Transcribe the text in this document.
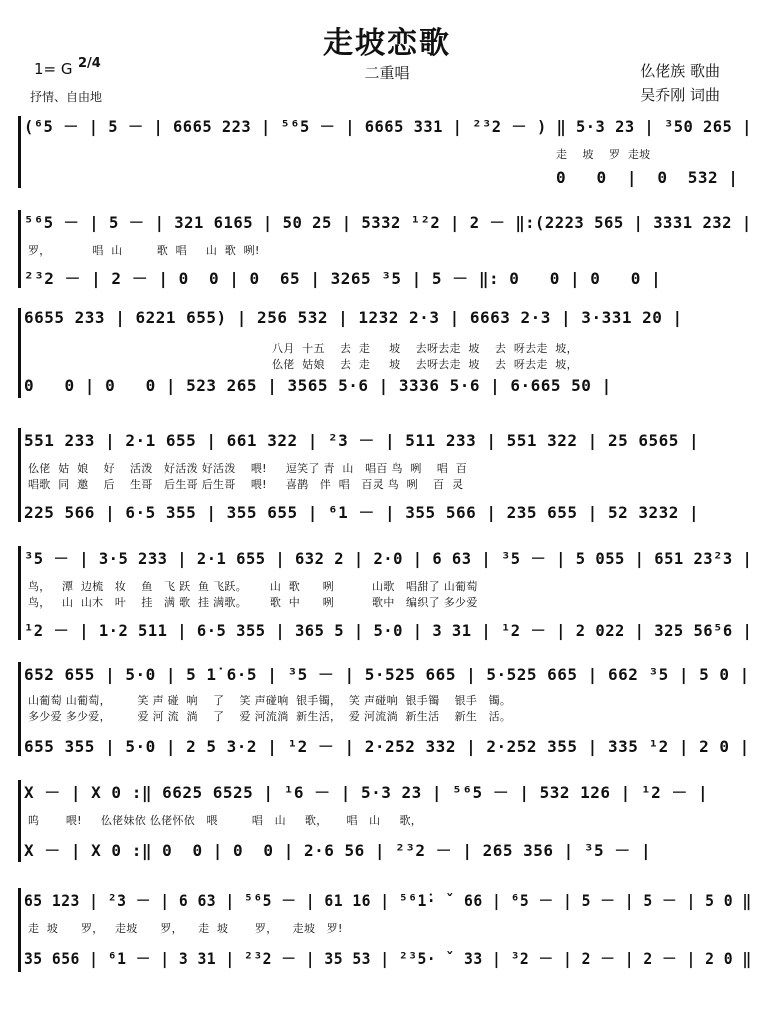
走坡恋歌
二重唱	仫佬族 歌曲
吴乔刚 词曲
1= G 2/4
抒情、自由地
(⁶5 － | 5 － | 6665 223 | ⁵⁶5 － | 6665 331 | ²³2 － ) ‖ 5·3 23 | ³50 265 |
走    坡    罗  走坡
0   0  |  0  532 |
⁵⁶5 － | 5 － | 321 6165 | 50 25 | 5332 ¹²2 | 2 － ‖:(2223 565 | 3331 232 |
罗，           唱  山         歌  唱     山  歌  咧!
²³2 － | 2 － | 0  0 | 0  65 | 3265 ³5 | 5 － ‖: 0   0 | 0   0 |
6655 233 | 6221 655) | 256 532 | 1232 2·3 | 6663 2·3 | 3·331 20 |
八月  十五    去  走     坡    去呀去走  坡    去  呀去走  坡，
仫佬  姑娘    去  走     坡    去呀去走  坡    去  呀去走  坡，
0   0 | 0   0 | 523 265 | 3565 5·6 | 3336 5·6 | 6·665 50 |
551 233 | 2·1 655 | 661 322 | ²3 － | 511 233 | 551 322 | 25 6565 |
仫佬  姑  娘    好    活泼   好活泼 好活泼    喂!     逗笑了 青  山   唱百 鸟  咧    唱  百
唱歌  同  邀    后    生哥   后生哥 后生哥    喂!     喜鹊   伴  唱   百灵 鸟  咧    百  灵
225 566 | 6·5 355 | 355 655 | ⁶1 － | 355 566 | 235 655 | 52 3232 |
³5 － | 3·5 233 | 2·1 655 | 632 2 | 2·0 | 6 63 | ³5 － | 5 055 | 651 23²3 |
鸟，   潭  边梳   妆    鱼   飞 跃  鱼 飞跃。      山  歌      咧          山歌   唱甜了 山葡萄
鸟，   山  山木   叶    挂   满 歌  挂 满歌。      歌  中      咧          歌中   编织了 多少爱
¹2 － | 1·2 511 | 6·5 355 | 365 5 | 5·0 | 3 31 | ¹2 － | 2 022 | 325 56⁵6 |
652 655 | 5·0 | 5 1̇ 6·5 | ³5 － | 5·525 665 | 5·525 665 | 662 ³5 | 5 0 |
山葡萄 山葡萄，       笑 声 碰  响    了    笑 声碰响  银手镯，  笑 声碰响  银手镯    银手   镯。
多少爱 多少爱，       爱 河 流  淌    了    爱 河流淌  新生活，  爱 河流淌  新生活    新生   活。
655 355 | 5·0 | 2 5 3·2 | ¹2 － | 2·252 332 | 2·252 355 | 335 ¹2 | 2 0 |
X － | X 0 :‖ 6625 6525 | ¹6 － | 5·3 23 | ⁵⁶5 － | 532 126 | ¹2 － |
呜       喂!     仫佬妹依 仫佬怀依   喂         唱   山     歌，     唱   山     歌，
X － | X 0 :‖ 0  0 | 0  0 | 2·6 56 | ²³2 － | 265 356 | ³5 － |
65 123 | ²3 － | 6 63 | ⁵⁶5 － | 61 16 | ⁵⁶1̇· ˇ 66 | ⁶5 － | 5 － | 5 － | 5 0 ‖
走  坡      罗，   走坡      罗，    走  坡       罗，    走坡   罗!
35 656 | ⁶1 － | 3 31 | ²³2 － | 35 53 | ²³5· ˇ 33 | ³2 － | 2 － | 2 － | 2 0 ‖
